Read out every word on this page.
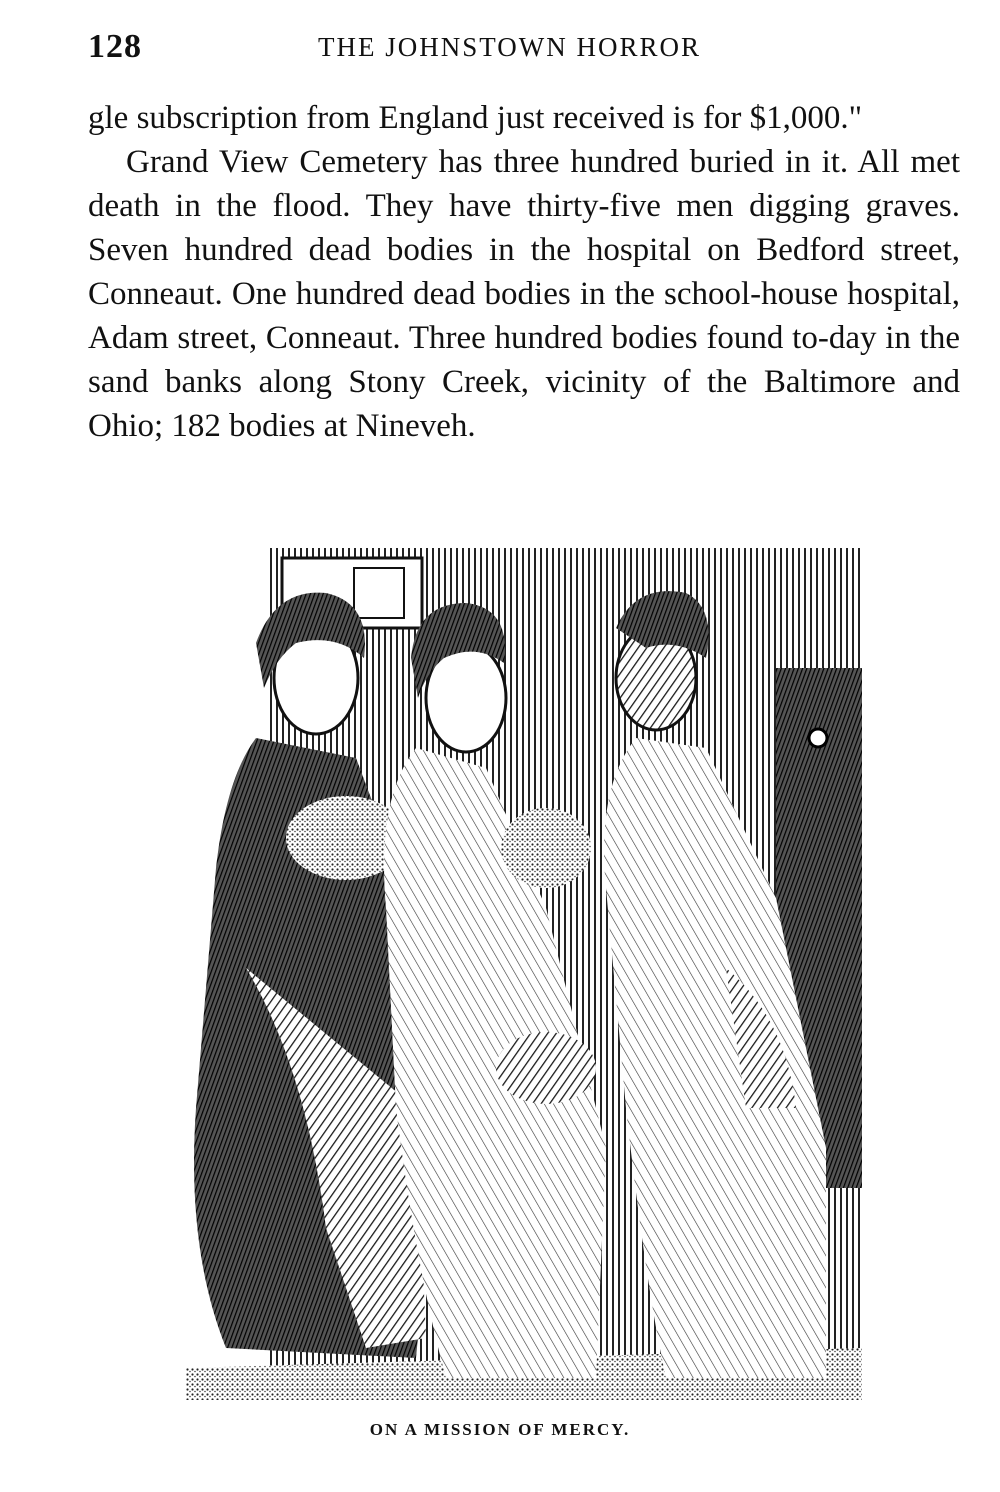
128	THE JOHNSTOWN HORROR

gle subscription from England just received is for $1,000."

Grand View Cemetery has three hundred buried in it. All met death in the flood. They have thirty-five men digging graves. Seven hundred dead bodies in the hospital on Bedford street, Conneaut. One hundred dead bodies in the school-house hospital, Adam street, Conneaut. Three hundred bodies found to-day in the sand banks along Stony Creek, vicinity of the Baltimore and Ohio; 182 bodies at Nineveh.

ON A MISSION OF MERCY.
